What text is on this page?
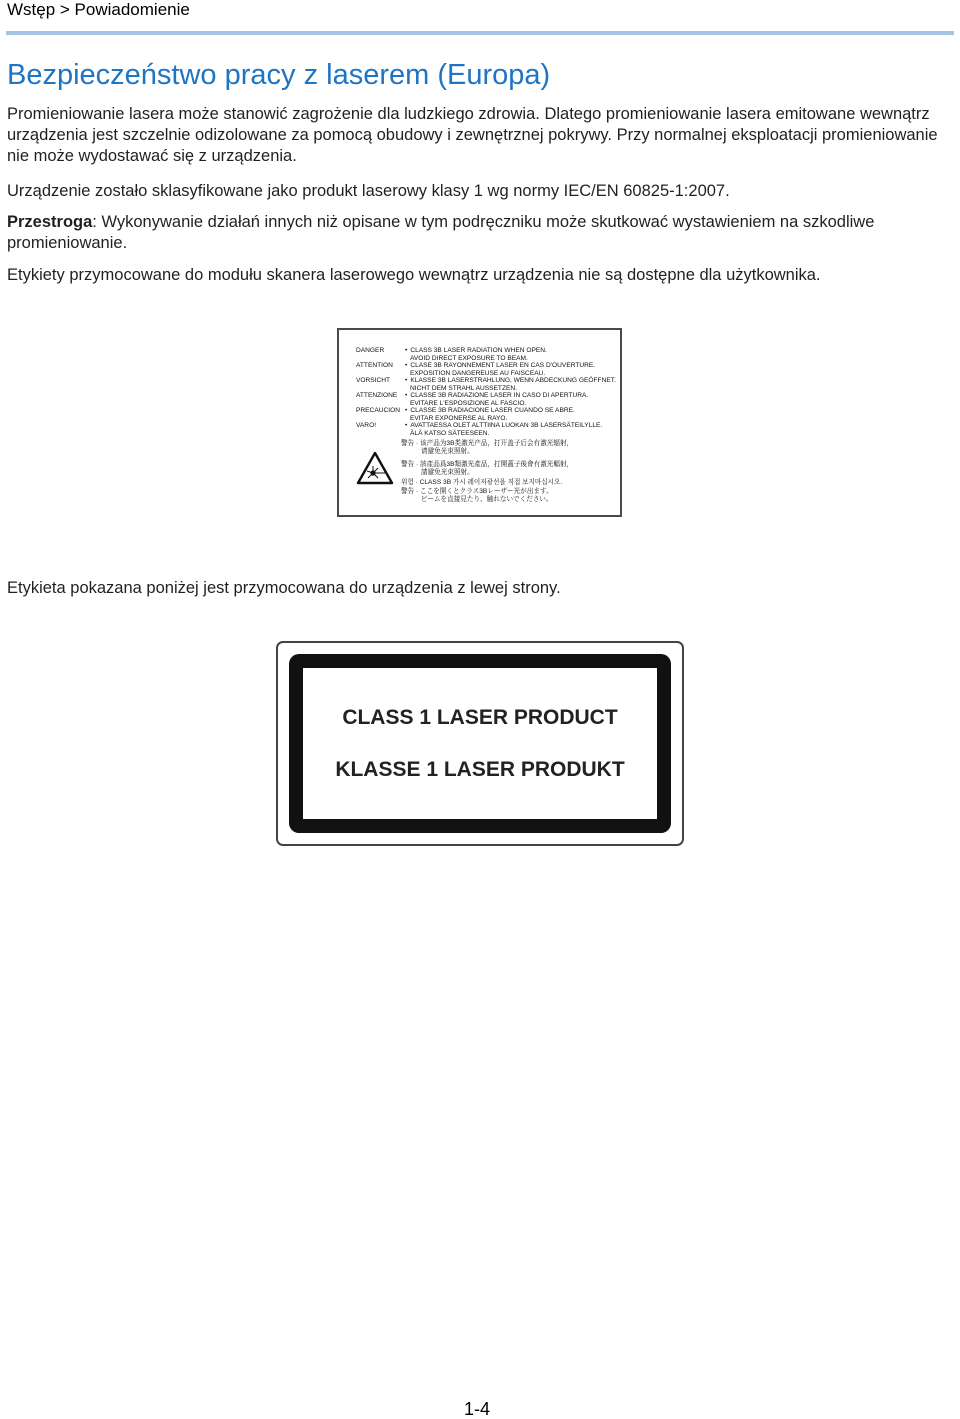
Wstęp > Powiadomienie
Bezpieczeństwo pracy z laserem (Europa)

Promieniowanie lasera może stanowić zagrożenie dla ludzkiego zdrowia. Dlatego promieniowanie lasera emitowane wewnątrz urządzenia jest szczelnie odizolowane za pomocą obudowy i zewnętrznej pokrywy. Przy normalnej eksploatacji promieniowanie nie może wydostawać się z urządzenia.

Urządzenie zostało sklasyfikowane jako produkt laserowy klasy 1 wg normy IEC/EN 60825-1:2007.

Przestroga: Wykonywanie działań innych niż opisane w tym podręczniku może skutkować wystawieniem na szkodliwe promieniowanie.

Etykiety przymocowane do modułu skanera laserowego wewnątrz urządzenia nie są dostępne dla użytkownika.

DANGER	• CLASS 3B LASER RADIATION WHEN OPEN.
AVOID DIRECT EXPOSURE TO BEAM.
ATTENTION • CLASE 3B RAYONNEMENT LASER EN CAS D'OUVERTURE.
EXPOSITION DANGEREUSE AU FAISCEAU.
VORSICHT • KLASSE 3B LASERSTRAHLUNG, WENN ABDECKUNG GEÖFFNET.
NICHT DEM STRAHL AUSSETZEN.
ATTENZIONE • CLASSE 3B RADIAZIONE LASER IN CASO DI APERTURA.
EVITARE L'ESPOSIZIONE AL FASCIO.
PRECAUCION • CLASSE 3B RADIACIONE LASER CUANDO SE ABRE.
EVITAR EXPONERSE AL RAYO.
VARO!	• AVATTAESSA OLET ALTTIINA LUOKAN 3B LASERSÄTEILYLLE.
ÄLÄ KATSO SÄTEESEEN.
警告 · 该产品为3B类激光产品，打开盖子后会有激光辐射，
请避免光束照射。
警告 · 該產品爲3B類激光產品，打開蓋子後會有激光輻射，
請避免光束照射。
위험 · CLASS 3B 가시 레이저광선을 직접 보지마십시오.
警告 · ここを開くとクラス3Bレーザー光が出ます。
ビームを直接見たり、触れないでください。

Etykieta pokazana poniżej jest przymocowana do urządzenia z lewej strony.

CLASS 1 LASER PRODUCT
KLASSE 1 LASER PRODUKT
1-4
